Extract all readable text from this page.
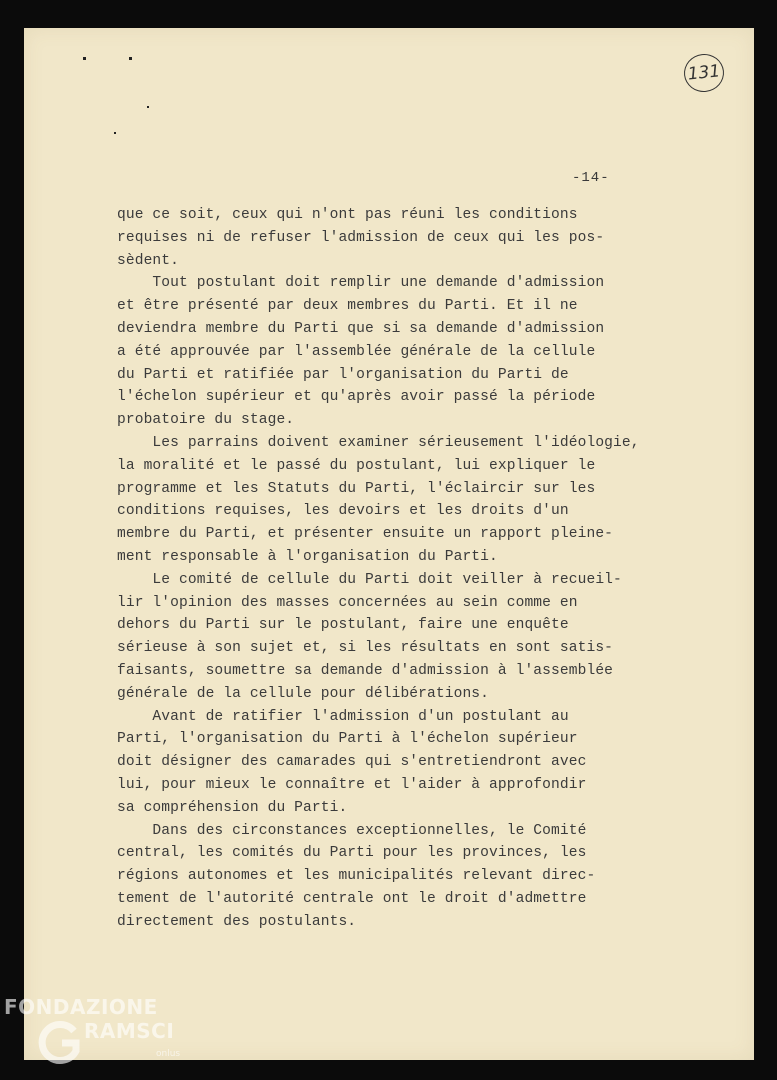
131
-14-
que ce soit, ceux qui n'ont pas réuni les conditions
requises ni de refuser l'admission de ceux qui les pos-
sèdent.
Tout postulant doit remplir une demande d'admission
et être présenté par deux membres du Parti. Et il ne
deviendra membre du Parti que si sa demande d'admission
a été approuvée par l'assemblée générale de la cellule
du Parti et ratifiée par l'organisation du Parti de
l'échelon supérieur et qu'après avoir passé la période
probatoire du stage.
Les parrains doivent examiner sérieusement l'idéologie,
la moralité et le passé du postulant, lui expliquer le
programme et les Statuts du Parti, l'éclaircir sur les
conditions requises, les devoirs et les droits d'un
membre du Parti, et présenter ensuite un rapport pleine-
ment responsable à l'organisation du Parti.
Le comité de cellule du Parti doit veiller à recueil-
lir l'opinion des masses concernées au sein comme en
dehors du Parti sur le postulant, faire une enquête
sérieuse à son sujet et, si les résultats en sont satis-
faisants, soumettre sa demande d'admission à l'assemblée
générale de la cellule pour délibérations.
Avant de ratifier l'admission d'un postulant au
Parti, l'organisation du Parti à l'échelon supérieur
doit désigner des camarades qui s'entretiendront avec
lui, pour mieux le connaître et l'aider à approfondir
sa compréhension du Parti.
Dans des circonstances exceptionnelles, le Comité
central, les comités du Parti pour les provinces, les
régions autonomes et les municipalités relevant direc-
tement de l'autorité centrale ont le droit d'admettre
directement des postulants.
FONDAZIONE
RAMSCI
onlus
